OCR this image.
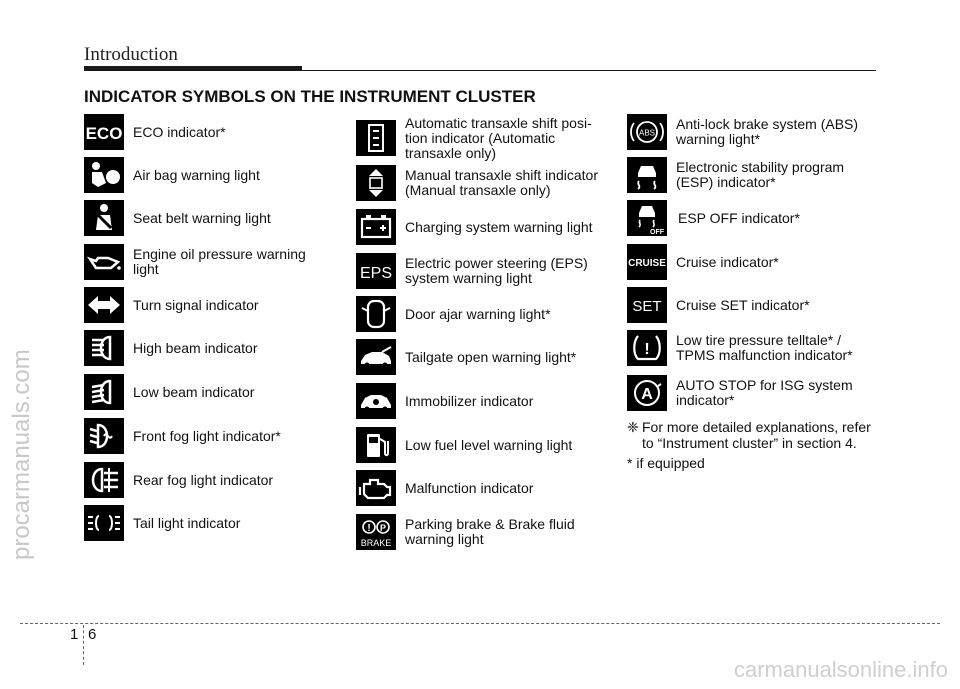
Introduction
INDICATOR SYMBOLS ON THE INSTRUMENT CLUSTER
ECO ECO indicator*
Air bag warning light
Seat belt warning light
Engine oil pressure warning
light
Turn signal indicator
High beam indicator
Low beam indicator
Front fog light indicator*
Rear fog light indicator
Tail light indicator
Automatic transaxle shift posi-
tion indicator (Automatic
transaxle only)
Manual transaxle shift indicator
(Manual transaxle only)
Charging system warning light
EPS
Electric power steering (EPS)
system warning light
Door ajar warning light*
Tailgate open warning light*
Immobilizer indicator
Low fuel level warning light
Malfunction indicator
! P
BRAKE
Parking brake & Brake fluid
warning light
ABS
Anti-lock brake system (ABS)
warning light*
Electronic stability program
(ESP) indicator*
OFF
ESP OFF indicator*
CRUISE Cruise indicator*
SET Cruise SET indicator*
!
Low tire pressure telltale* /
TPMS malfunction indicator*
A
AUTO STOP for ISG system
indicator*
❈ For more detailed explanations, refer
to “Instrument cluster” in section 4.
* if equipped
1 6
procarmanuals.com
carmanualsonline.info
